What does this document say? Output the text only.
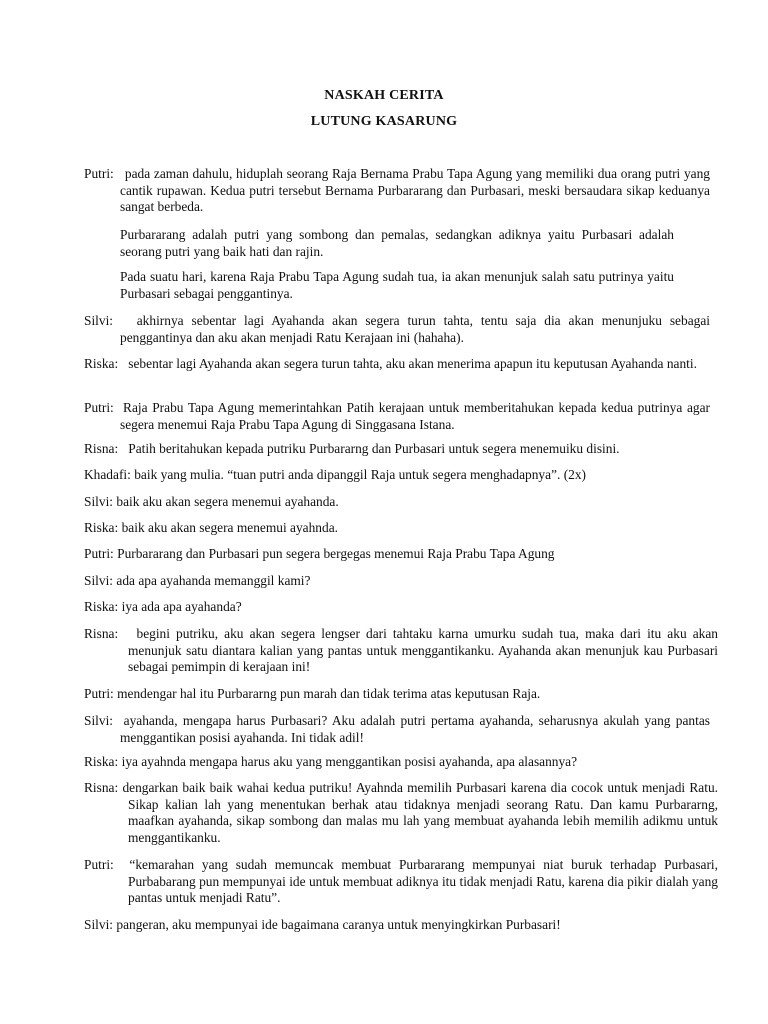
NASKAH CERITA
LUTUNG KASARUNG
Putri: pada zaman dahulu, hiduplah seorang Raja Bernama Prabu Tapa Agung yang memiliki dua orang putri yang cantik rupawan. Kedua putri tersebut Bernama Purbararang dan Purbasari, meski bersaudara sikap keduanya sangat berbeda.
Purbararang adalah putri yang sombong dan pemalas, sedangkan adiknya yaitu Purbasari adalah seorang putri yang baik hati dan rajin.
Pada suatu hari, karena Raja Prabu Tapa Agung sudah tua, ia akan menunjuk salah satu putrinya yaitu Purbasari sebagai penggantinya.
Silvi: akhirnya sebentar lagi Ayahanda akan segera turun tahta, tentu saja dia akan menunjuku sebagai penggantinya dan aku akan menjadi Ratu Kerajaan ini (hahaha).
Riska: sebentar lagi Ayahanda akan segera turun tahta, aku akan menerima apapun itu keputusan Ayahanda nanti.
Putri: Raja Prabu Tapa Agung memerintahkan Patih kerajaan untuk memberitahukan kepada kedua putrinya agar segera menemui Raja Prabu Tapa Agung di Singgasana Istana.
Risna: Patih beritahukan kepada putriku Purbararng dan Purbasari untuk segera menemuiku disini.
Khadafi: baik yang mulia. “tuan putri anda dipanggil Raja untuk segera menghadapnya”. (2x)
Silvi: baik aku akan segera menemui ayahanda.
Riska: baik aku akan segera menemui ayahnda.
Putri: Purbararang dan Purbasari pun segera bergegas menemui Raja Prabu Tapa Agung
Silvi: ada apa ayahanda memanggil kami?
Riska: iya ada apa ayahanda?
Risna: begini putriku, aku akan segera lengser dari tahtaku karna umurku sudah tua, maka dari itu aku akan menunjuk satu diantara kalian yang pantas untuk menggantikanku. Ayahanda akan menunjuk kau Purbasari sebagai pemimpin di kerajaan ini!
Putri: mendengar hal itu Purbararng pun marah dan tidak terima atas keputusan Raja.
Silvi: ayahanda, mengapa harus Purbasari? Aku adalah putri pertama ayahanda, seharusnya akulah yang pantas menggantikan posisi ayahanda. Ini tidak adil!
Riska: iya ayahnda mengapa harus aku yang menggantikan posisi ayahanda, apa alasannya?
Risna: dengarkan baik baik wahai kedua putriku! Ayahnda memilih Purbasari karena dia cocok untuk menjadi Ratu. Sikap kalian lah yang menentukan berhak atau tidaknya menjadi seorang Ratu. Dan kamu Purbararng, maafkan ayahanda, sikap sombong dan malas mu lah yang membuat ayahanda lebih memilih adikmu untuk menggantikanku.
Putri: “kemarahan yang sudah memuncak membuat Purbararang mempunyai niat buruk terhadap Purbasari, Purbabarang pun mempunyai ide untuk membuat adiknya itu tidak menjadi Ratu, karena dia pikir dialah yang pantas untuk menjadi Ratu”.
Silvi: pangeran, aku mempunyai ide bagaimana caranya untuk menyingkirkan Purbasari!
